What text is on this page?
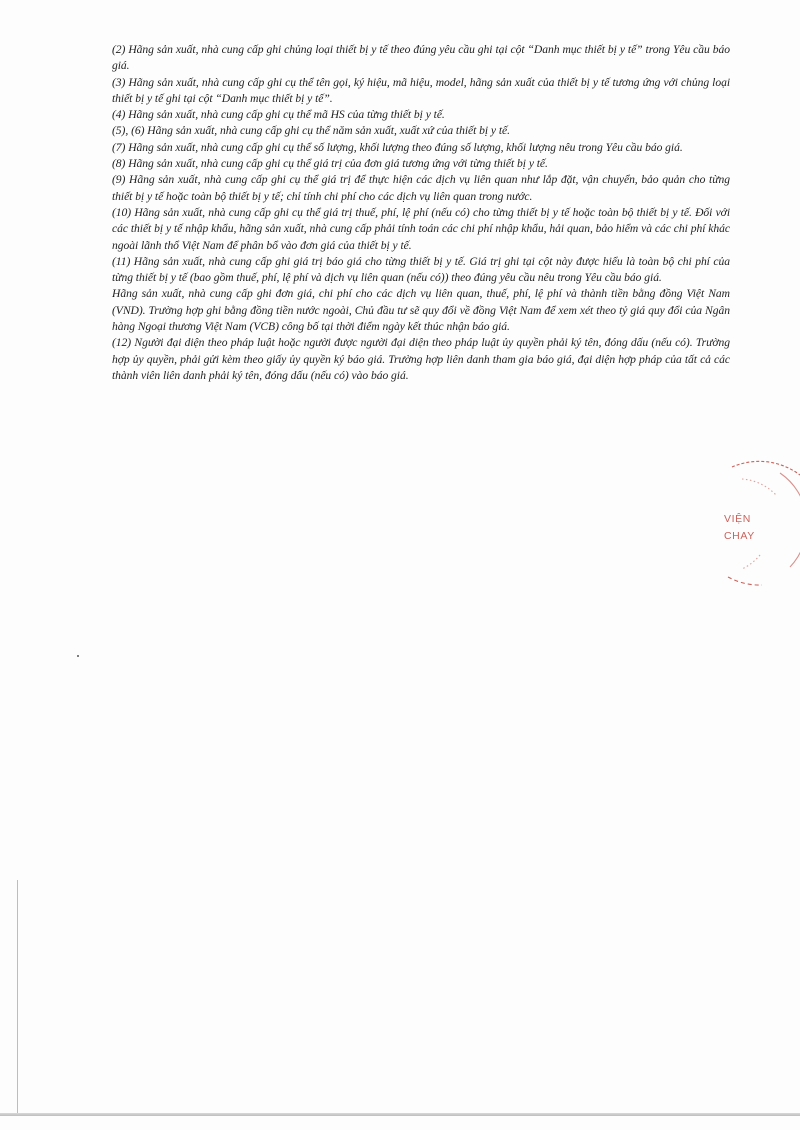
(2) Hãng sản xuất, nhà cung cấp ghi chủng loại thiết bị y tế theo đúng yêu cầu ghi tại cột “Danh mục thiết bị y tế” trong Yêu cầu báo giá.

(3) Hãng sản xuất, nhà cung cấp ghi cụ thể tên gọi, ký hiệu, mã hiệu, model, hãng sản xuất của thiết bị y tế tương ứng với chủng loại thiết bị y tế ghi tại cột “Danh mục thiết bị y tế”.

(4) Hãng sản xuất, nhà cung cấp ghi cụ thể mã HS của từng thiết bị y tế.

(5), (6) Hãng sản xuất, nhà cung cấp ghi cụ thể năm sản xuất, xuất xứ của thiết bị y tế.

(7) Hãng sản xuất, nhà cung cấp ghi cụ thể số lượng, khối lượng theo đúng số lượng, khối lượng nêu trong Yêu cầu báo giá.

(8) Hãng sản xuất, nhà cung cấp ghi cụ thể giá trị của đơn giá tương ứng với từng thiết bị y tế.

(9) Hãng sản xuất, nhà cung cấp ghi cụ thể giá trị để thực hiện các dịch vụ liên quan như lắp đặt, vận chuyển, bảo quản cho từng thiết bị y tế hoặc toàn bộ thiết bị y tế; chỉ tính chi phí cho các dịch vụ liên quan trong nước.

(10) Hãng sản xuất, nhà cung cấp ghi cụ thể giá trị thuế, phí, lệ phí (nếu có) cho từng thiết bị y tế hoặc toàn bộ thiết bị y tế. Đối với các thiết bị y tế nhập khẩu, hãng sản xuất, nhà cung cấp phải tính toán các chi phí nhập khẩu, hải quan, bảo hiểm và các chi phí khác ngoài lãnh thổ Việt Nam để phân bổ vào đơn giá của thiết bị y tế.

(11) Hãng sản xuất, nhà cung cấp ghi giá trị báo giá cho từng thiết bị y tế. Giá trị ghi tại cột này được hiểu là toàn bộ chi phí của từng thiết bị y tế (bao gồm thuế, phí, lệ phí và dịch vụ liên quan (nếu có)) theo đúng yêu cầu nêu trong Yêu cầu báo giá.

Hãng sản xuất, nhà cung cấp ghi đơn giá, chi phí cho các dịch vụ liên quan, thuế, phí, lệ phí và thành tiền bằng đồng Việt Nam (VND). Trường hợp ghi bằng đồng tiền nước ngoài, Chủ đầu tư sẽ quy đổi về đồng Việt Nam để xem xét theo tỷ giá quy đổi của Ngân hàng Ngoại thương Việt Nam (VCB) công bố tại thời điểm ngày kết thúc nhận báo giá.

(12) Người đại diện theo pháp luật hoặc người được người đại diện theo pháp luật ủy quyền phải ký tên, đóng dấu (nếu có). Trường hợp ủy quyền, phải gửi kèm theo giấy ủy quyền ký báo giá. Trường hợp liên danh tham gia báo giá, đại diện hợp pháp của tất cả các thành viên liên danh phải ký tên, đóng dấu (nếu có) vào báo giá.

VIỆN
CHAY
